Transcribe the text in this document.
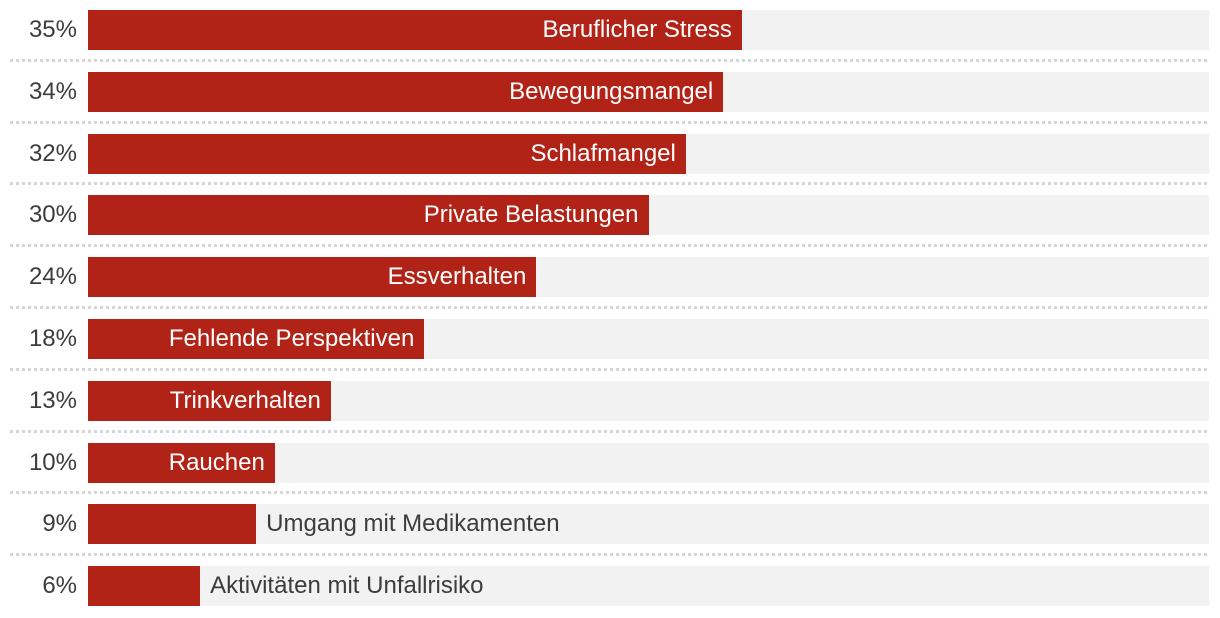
35%	Beruflicher Stress
34%	Bewegungsmangel
32%	Schlafmangel
30%	Private Belastungen
24%	Essverhalten
18%	Fehlende Perspektiven
13%	Trinkverhalten
10%	Rauchen
9%	Umgang mit Medikamenten
6%	Aktivitäten mit Unfallrisiko
